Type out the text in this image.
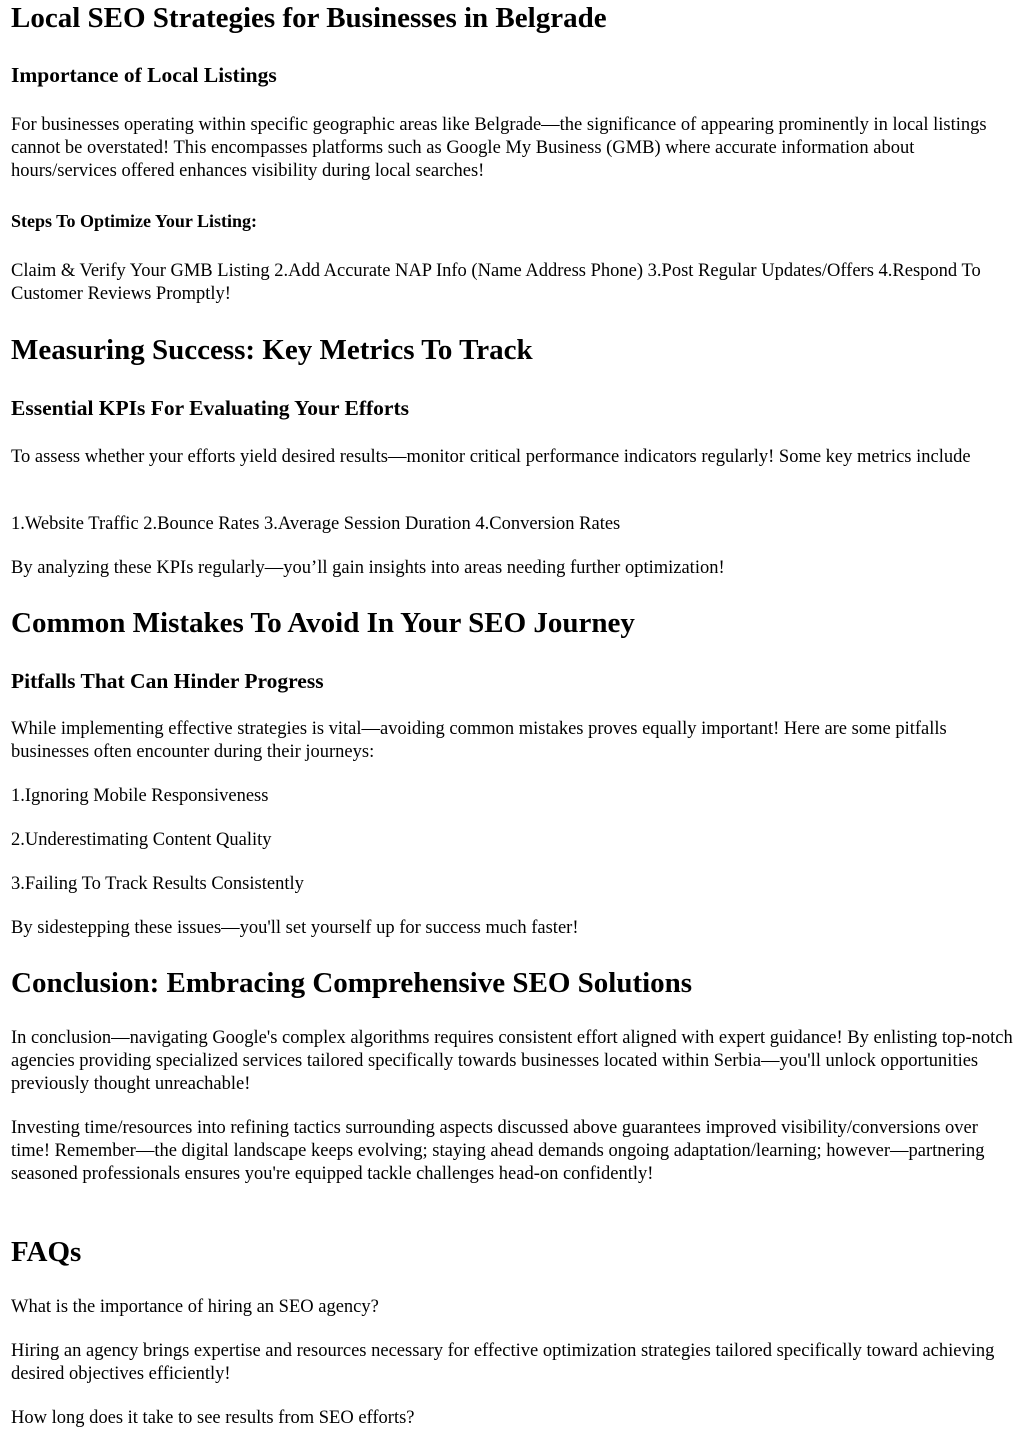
Local SEO Strategies for Businesses in Belgrade
Importance of Local Listings

For businesses operating within specific geographic areas like Belgrade—the significance of appearing prominently in local listings cannot be overstated! This encompasses platforms such as Google My Business (GMB) where accurate information about hours/services offered enhances visibility during local searches!

Steps To Optimize Your Listing:

Claim & Verify Your GMB Listing 2.Add Accurate NAP Info (Name Address Phone) 3.Post Regular Updates/Offers 4.Respond To Customer Reviews Promptly!

Measuring Success: Key Metrics To Track
Essential KPIs For Evaluating Your Efforts

To assess whether your efforts yield desired results—monitor critical performance indicators regularly! Some key metrics include

1.Website Traffic 2.Bounce Rates 3.Average Session Duration 4.Conversion Rates

By analyzing these KPIs regularly—you’ll gain insights into areas needing further optimization!

Common Mistakes To Avoid In Your SEO Journey
Pitfalls That Can Hinder Progress

While implementing effective strategies is vital—avoiding common mistakes proves equally important! Here are some pitfalls businesses often encounter during their journeys:

1.Ignoring Mobile Responsiveness

2.Underestimating Content Quality

3.Failing To Track Results Consistently

By sidestepping these issues—you'll set yourself up for success much faster!

Conclusion: Embracing Comprehensive SEO Solutions

In conclusion—navigating Google's complex algorithms requires consistent effort aligned with expert guidance! By enlisting top-notch agencies providing specialized services tailored specifically towards businesses located within Serbia—you'll unlock opportunities previously thought unreachable!

Investing time/resources into refining tactics surrounding aspects discussed above guarantees improved visibility/conversions over time! Remember—the digital landscape keeps evolving; staying ahead demands ongoing adaptation/learning; however—partnering seasoned professionals ensures you're equipped tackle challenges head-on confidently!

FAQs

What is the importance of hiring an SEO agency?

Hiring an agency brings expertise and resources necessary for effective optimization strategies tailored specifically toward achieving desired objectives efficiently!

How long does it take to see results from SEO efforts?
